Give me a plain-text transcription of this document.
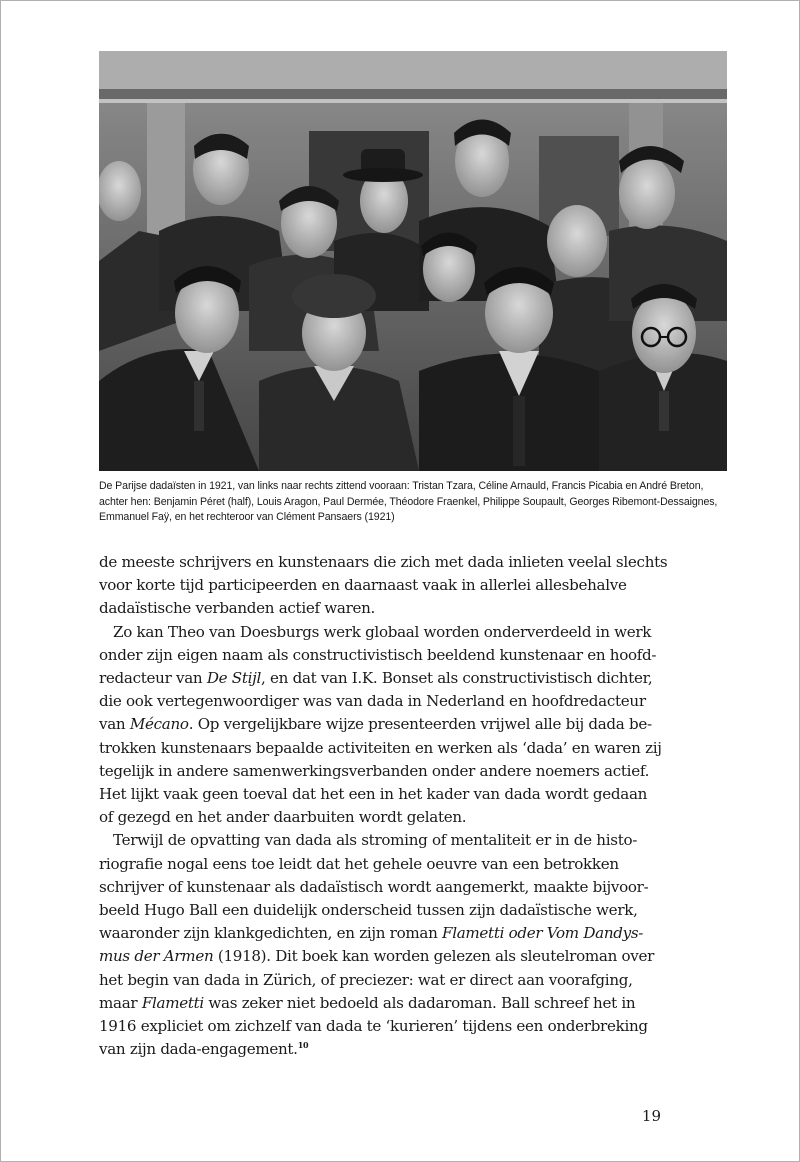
De Parijse dadaïsten in 1921, van links naar rechts zittend vooraan: Tristan Tzara, Céline Arnauld, Francis Picabia en André Breton,
achter hen: Benjamin Péret (half), Louis Aragon, Paul Dermée, Théodore Fraenkel, Philippe Soupault, Georges Ribemont-Dessaignes,
Emmanuel Faÿ, en het rechteroor van Clément Pansaers (1921)
de meeste schrijvers en kunstenaars die zich met dada inlieten veelal slechts
voor korte tijd participeerden en daarnaast vaak in allerlei allesbehalve
dadaïstische verbanden actief waren.
Zo kan Theo van Doesburgs werk globaal worden onderverdeeld in werk
onder zijn eigen naam als constructivistisch beeldend kunstenaar en hoofd-
redacteur van De Stijl, en dat van I.K. Bonset als constructivistisch dichter,
die ook vertegenwoordiger was van dada in Nederland en hoofdredacteur
van Mécano. Op vergelijkbare wijze presenteerden vrijwel alle bij dada be-
trokken kunstenaars bepaalde activiteiten en werken als ‘dada’ en waren zij
tegelijk in andere samenwerkingsverbanden onder andere noemers actief.
Het lijkt vaak geen toeval dat het een in het kader van dada wordt gedaan
of gezegd en het ander daarbuiten wordt gelaten.
Terwijl de opvatting van dada als stroming of mentaliteit er in de histo-
riografie nogal eens toe leidt dat het gehele oeuvre van een betrokken
schrijver of kunstenaar als dadaïstisch wordt aangemerkt, maakte bijvoor-
beeld Hugo Ball een duidelijk onderscheid tussen zijn dadaïstische werk,
waaronder zijn klankgedichten, en zijn roman Flametti oder Vom Dandys-
mus der Armen (1918). Dit boek kan worden gelezen als sleutelroman over
het begin van dada in Zürich, of preciezer: wat er direct aan voorafging,
maar Flametti was zeker niet bedoeld als dadaroman. Ball schreef het in
1916 expliciet om zichzelf van dada te ‘kurieren’ tijdens een onderbreking
van zijn dada-engagement.$^{10}$
19
